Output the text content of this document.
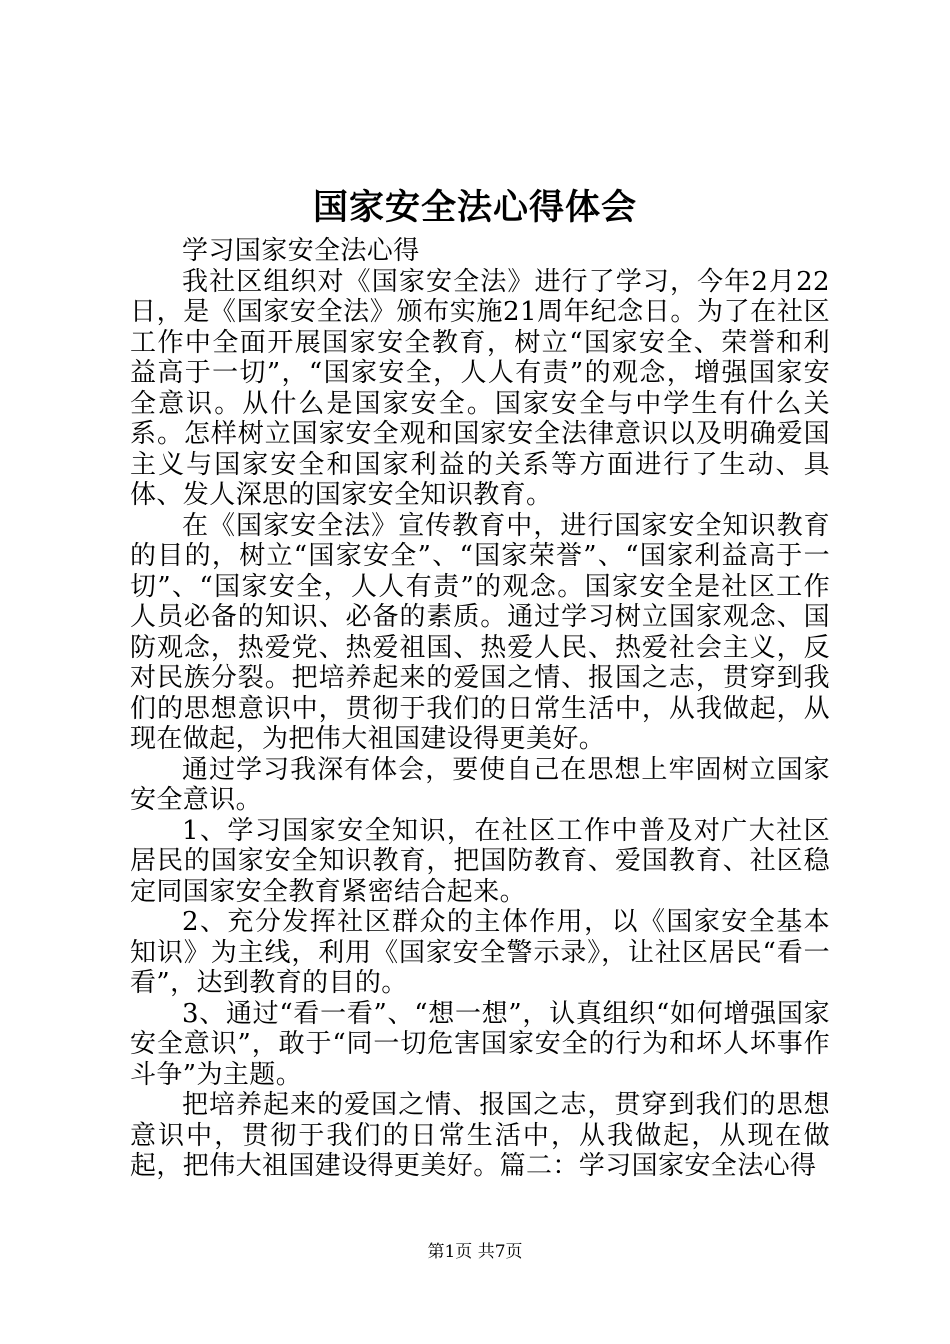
国家安全法心得体会

学习国家安全法心得

我社区组织对《国家安全法》进行了学习，今年2月22日，是《国家安全法》颁布实施21周年纪念日。为了在社区工作中全面开展国家安全教育，树立“国家安全、荣誉和利益高于一切”，“国家安全，人人有责”的观念，增强国家安全意识。从什么是国家安全。国家安全与中学生有什么关系。怎样树立国家安全观和国家安全法律意识以及明确爱国主义与国家安全和国家利益的关系等方面进行了生动、具体、发人深思的国家安全知识教育。

在《国家安全法》宣传教育中，进行国家安全知识教育的目的，树立“国家安全”、“国家荣誉”、“国家利益高于一切”、“国家安全，人人有责”的观念。国家安全是社区工作人员必备的知识、必备的素质。通过学习树立国家观念、国防观念，热爱党、热爱祖国、热爱人民、热爱社会主义，反对民族分裂。把培养起来的爱国之情、报国之志，贯穿到我们的思想意识中，贯彻于我们的日常生活中，从我做起，从现在做起，为把伟大祖国建设得更美好。

通过学习我深有体会，要使自己在思想上牢固树立国家安全意识。

1、学习国家安全知识，在社区工作中普及对广大社区居民的国家安全知识教育，把国防教育、爱国教育、社区稳定同国家安全教育紧密结合起来。

2、充分发挥社区群众的主体作用，以《国家安全基本知识》为主线，利用《国家安全警示录》，让社区居民“看一看”，达到教育的目的。

3、通过“看一看”、“想一想”，认真组织“如何增强国家安全意识”，敢于“同一切危害国家安全的行为和坏人坏事作斗争”为主题。

把培养起来的爱国之情、报国之志，贯穿到我们的思想意识中，贯彻于我们的日常生活中，从我做起，从现在做起，把伟大祖国建设得更美好。篇二：学习国家安全法心得

第1页 共7页
